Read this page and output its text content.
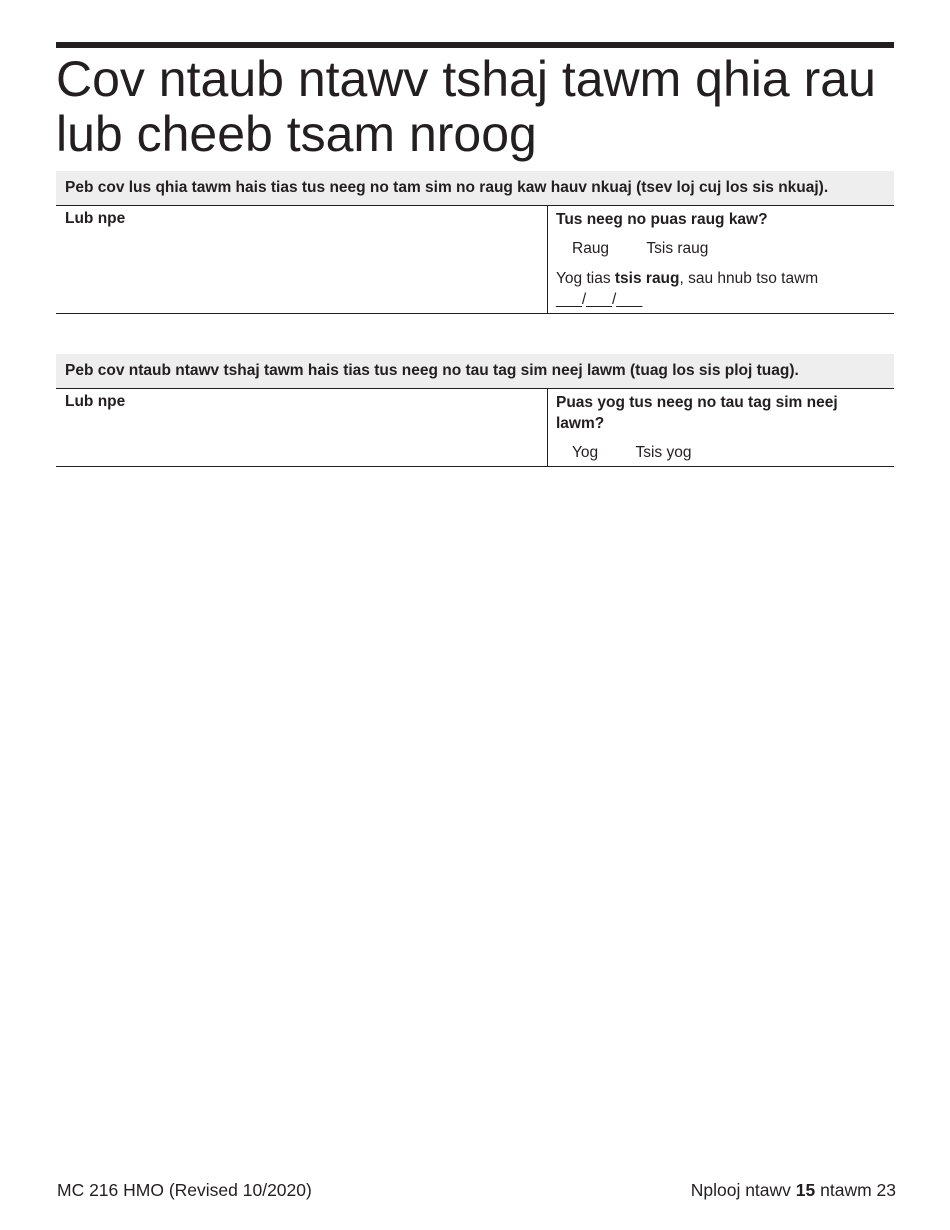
Cov ntaub ntawv tshaj tawm qhia rau lub cheeb tsam nroog
Peb cov lus qhia tawm hais tias tus neeg no tam sim no raug kaw hauv nkuaj (tsev loj cuj los sis nkuaj).
Lub npe	Tus neeg no puas raug kaw?
Raug Tsis raug
Yog tias tsis raug, sau hnub tso tawm
___/___/___
Peb cov ntaub ntawv tshaj tawm hais tias tus neeg no tau tag sim neej lawm (tuag los sis ploj tuag).
Lub npe	Puas yog tus neeg no tau tag sim neej lawm?
Yog Tsis yog
MC 216 HMO (Revised 10/2020)	Nplooj ntawv 15 ntawm 23
